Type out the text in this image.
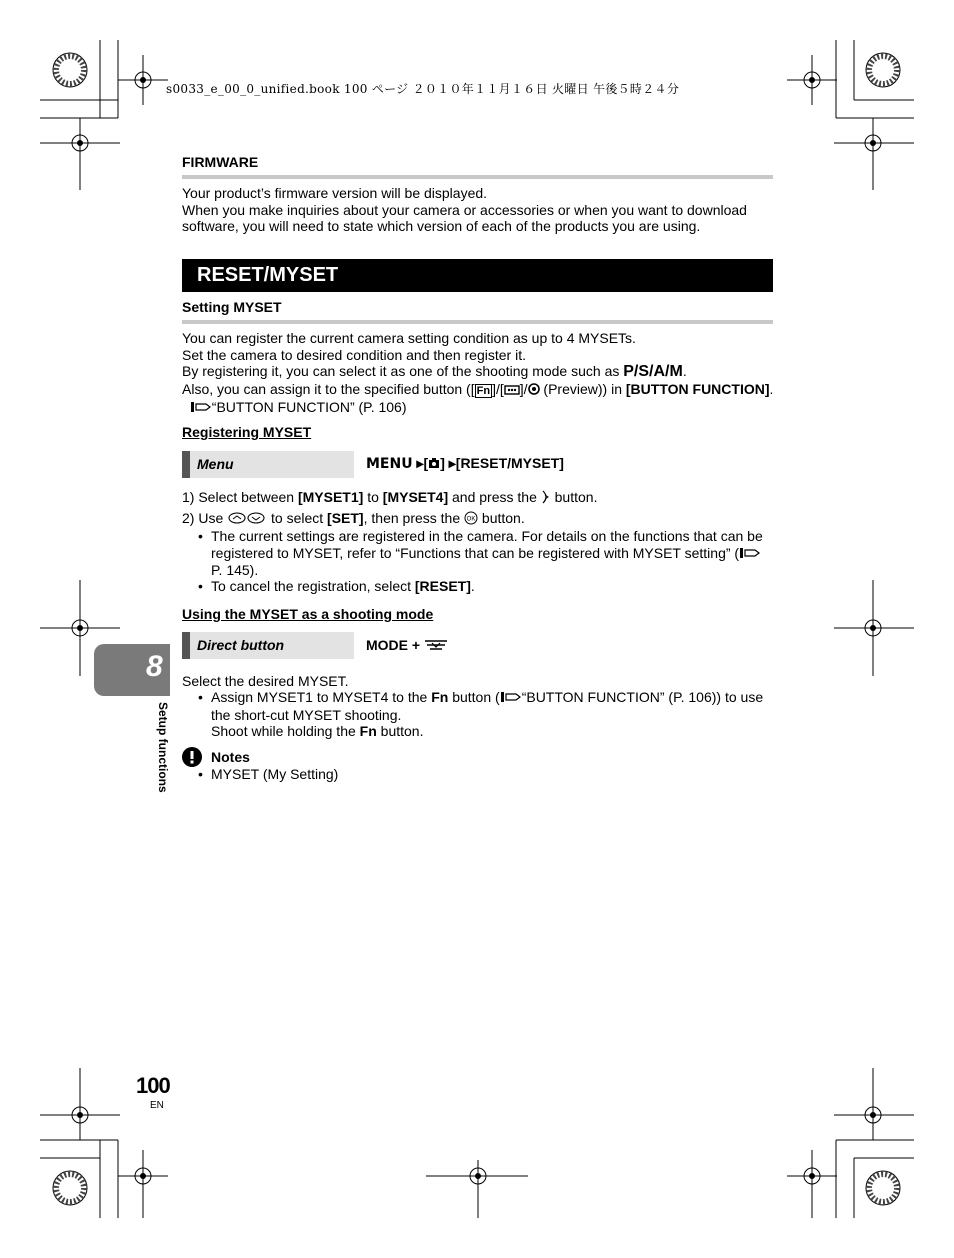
s0033_e_00_0_unified.book 100 ページ ２０１０年１１月１６日 火曜日 午後５時２４分
FIRMWARE

Your product’s firmware version will be displayed.

When you make inquiries about your camera or accessories or when you want to download software, you will need to state which version of each of the products you are using.

RESET/MYSET
Setting MYSET

You can register the current camera setting condition as up to 4 MYSETs.

Set the camera to desired condition and then register it.

By registering it, you can select it as one of the shooting mode such as P/S/A/M.

Also, you can assign it to the specified button ([ Fn ]/[ ]/ (Preview)) in [BUTTON FUNCTION].   “BUTTON FUNCTION” (P. 106)

Registering MYSET
Menu	MENU ▸[ ] ▸[RESET/MYSET]

1) Select between [MYSET1] to [MYSET4] and press the  button.

2) Use	to select [SET], then press the OK button.

• The current settings are registered in the camera. For details on the functions that can be registered to MYSET, refer to “Functions that can be registered with MYSET setting” (P. 145).
• To cancel the registration, select [RESET].
Using the MYSET as a shooting mode
Direct button	MODE +
Select the desired MYSET.
• Assign MYSET1 to MYSET4 to the Fn button ( “BUTTON FUNCTION” (P. 106)) to use the short-cut MYSET shooting.
Shoot while holding the Fn button.
Notes
• MYSET (My Setting)
8
Setup functions
100
EN
